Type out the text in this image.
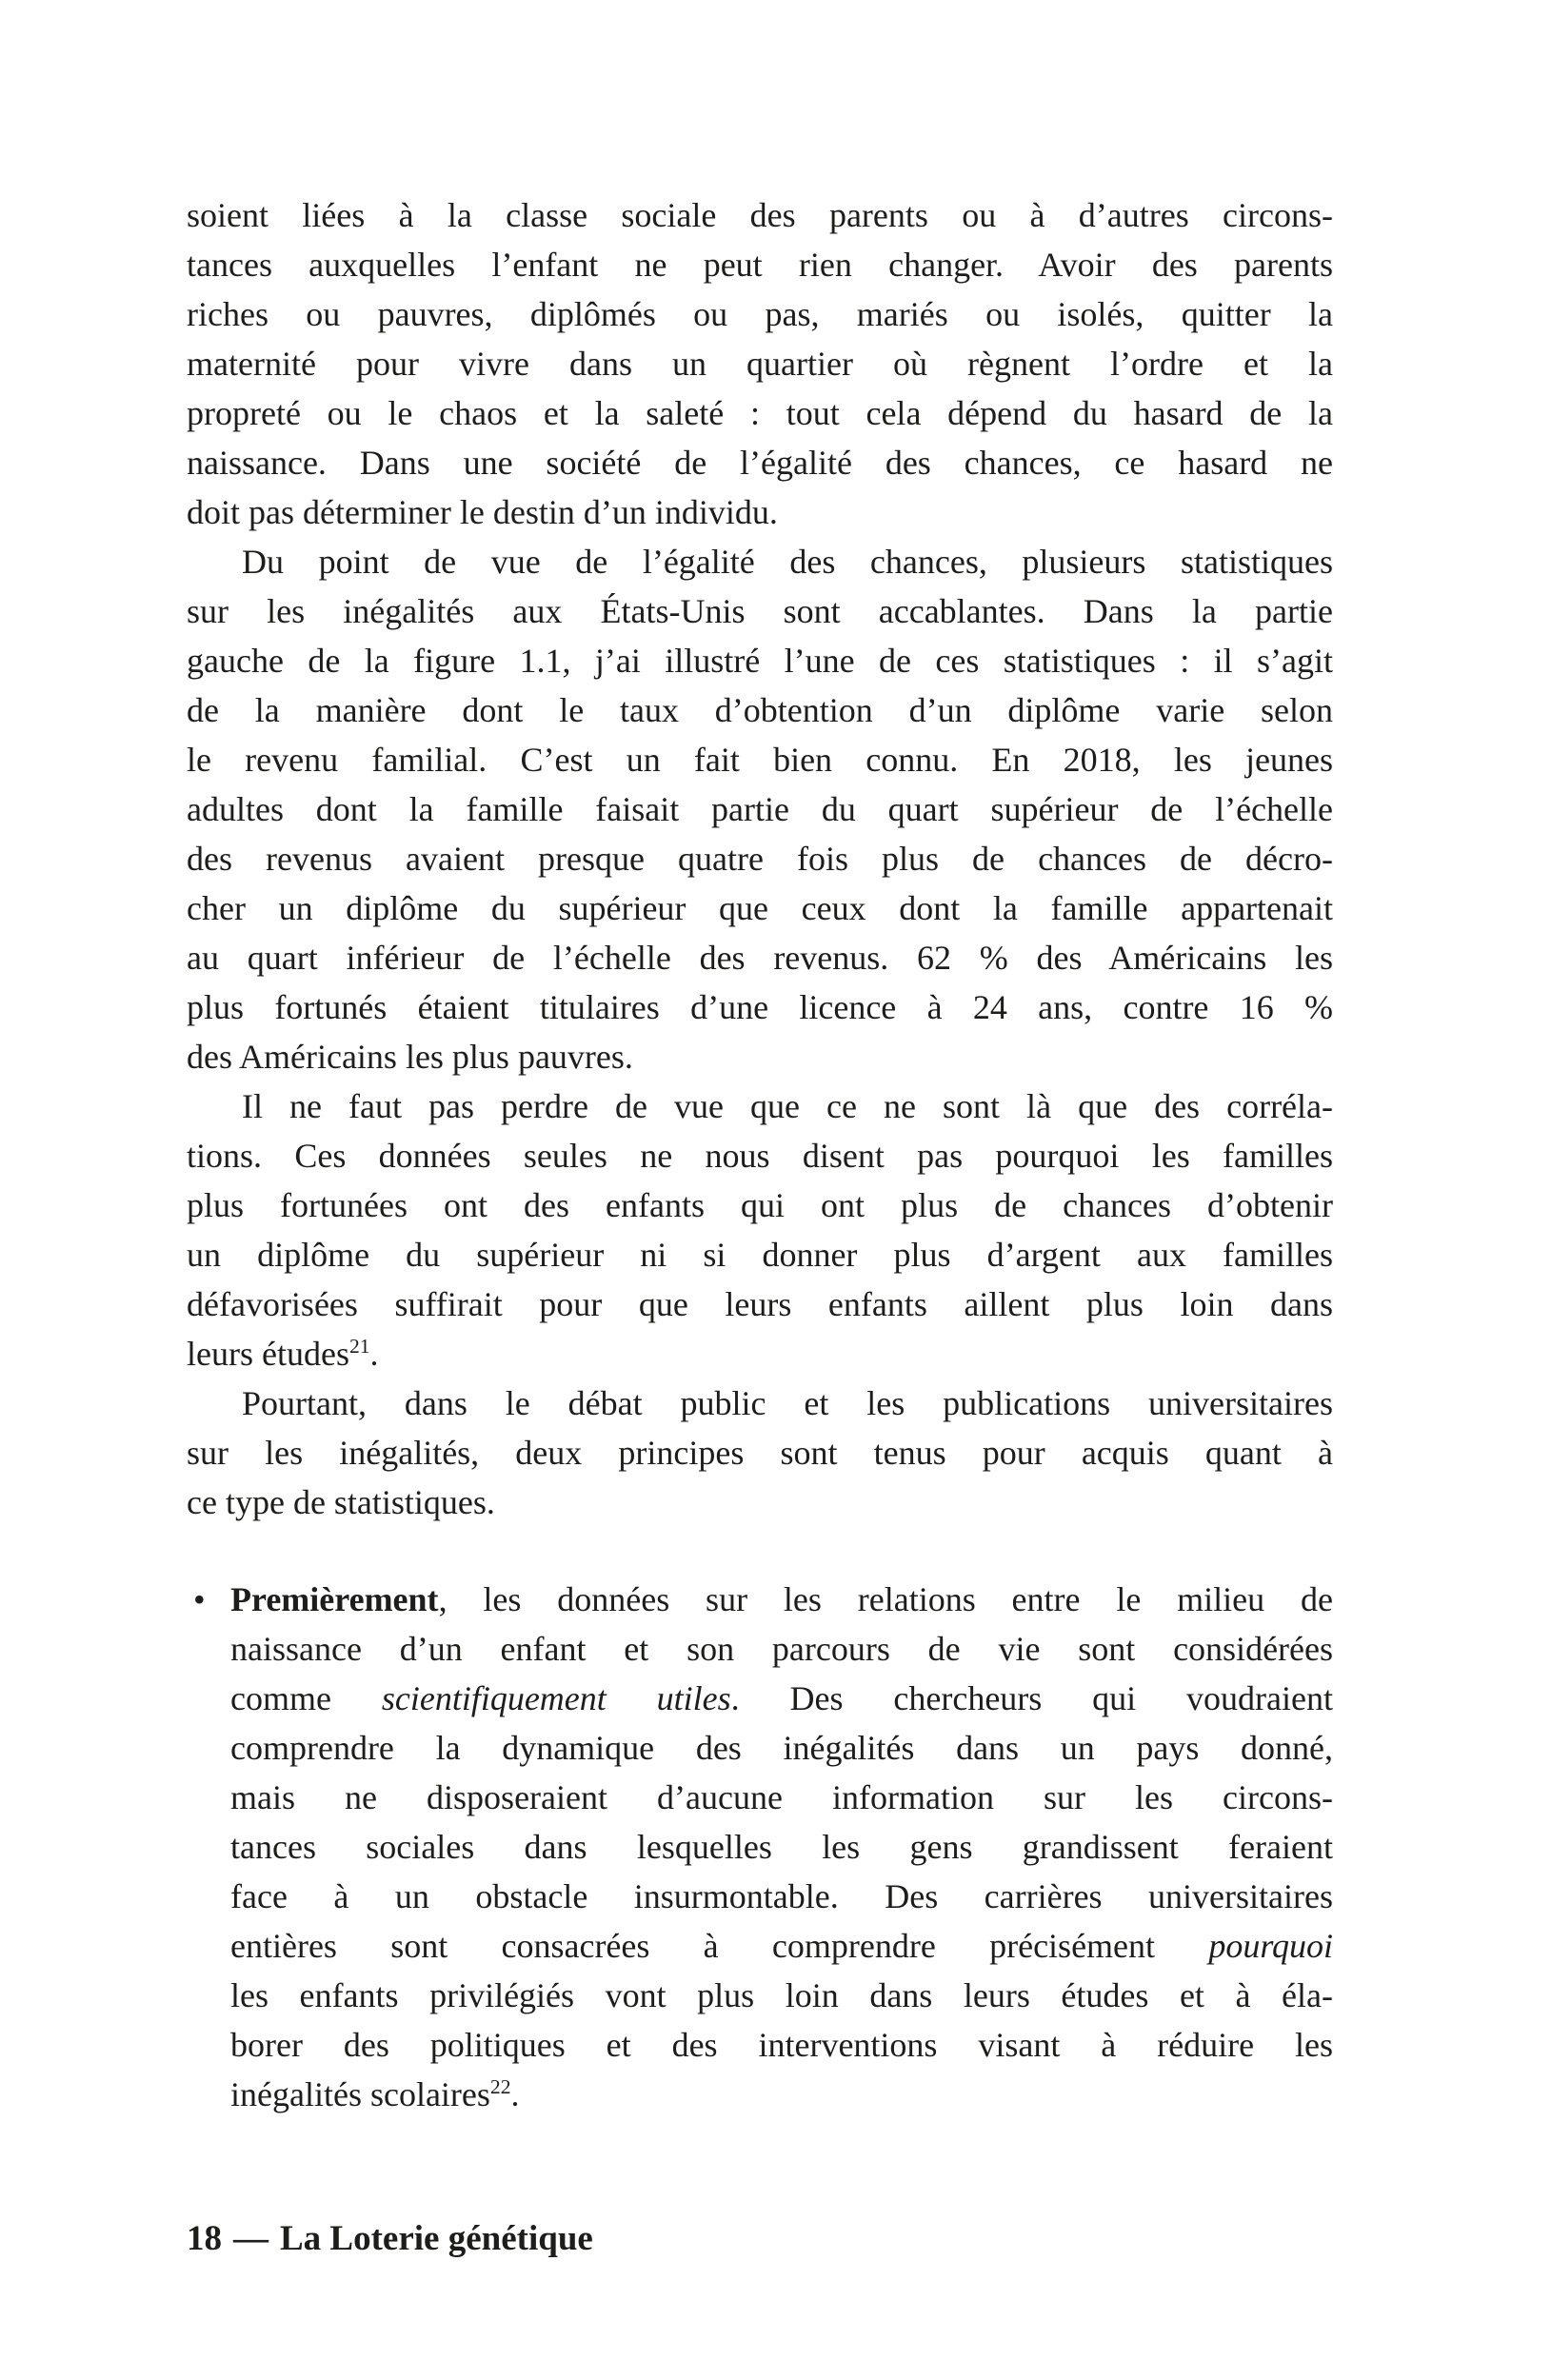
soient liées à la classe sociale des parents ou à d’autres circons-
tances auxquelles l’enfant ne peut rien changer. Avoir des parents
riches ou pauvres, diplômés ou pas, mariés ou isolés, quitter la
maternité pour vivre dans un quartier où règnent l’ordre et la
propreté ou le chaos et la saleté : tout cela dépend du hasard de la
naissance. Dans une société de l’égalité des chances, ce hasard ne
doit pas déterminer le destin d’un individu.
Du point de vue de l’égalité des chances, plusieurs statistiques
sur les inégalités aux États-Unis sont accablantes. Dans la partie
gauche de la figure 1.1, j’ai illustré l’une de ces statistiques : il s’agit
de la manière dont le taux d’obtention d’un diplôme varie selon
le revenu familial. C’est un fait bien connu. En 2018, les jeunes
adultes dont la famille faisait partie du quart supérieur de l’échelle
des revenus avaient presque quatre fois plus de chances de décro-
cher un diplôme du supérieur que ceux dont la famille appartenait
au quart inférieur de l’échelle des revenus. 62 % des Américains les
plus fortunés étaient titulaires d’une licence à 24 ans, contre 16 %
des Américains les plus pauvres.
Il ne faut pas perdre de vue que ce ne sont là que des corréla-
tions. Ces données seules ne nous disent pas pourquoi les familles
plus fortunées ont des enfants qui ont plus de chances d’obtenir
un diplôme du supérieur ni si donner plus d’argent aux familles
défavorisées suffirait pour que leurs enfants aillent plus loin dans
leurs études$^{21}$.
Pourtant, dans le débat public et les publications universitaires
sur les inégalités, deux principes sont tenus pour acquis quant à
ce type de statistiques.
• Premièrement, les données sur les relations entre le milieu de
naissance d’un enfant et son parcours de vie sont considérées
comme scientifiquement utiles. Des chercheurs qui voudraient
comprendre la dynamique des inégalités dans un pays donné,
mais ne disposeraient d’aucune information sur les circons-
tances sociales dans lesquelles les gens grandissent feraient
face à un obstacle insurmontable. Des carrières universitaires
entières sont consacrées à comprendre précisément pourquoi
les enfants privilégiés vont plus loin dans leurs études et à éla-
borer des politiques et des interventions visant à réduire les
inégalités scolaires$^{22}$.
18 — La Loterie génétique
